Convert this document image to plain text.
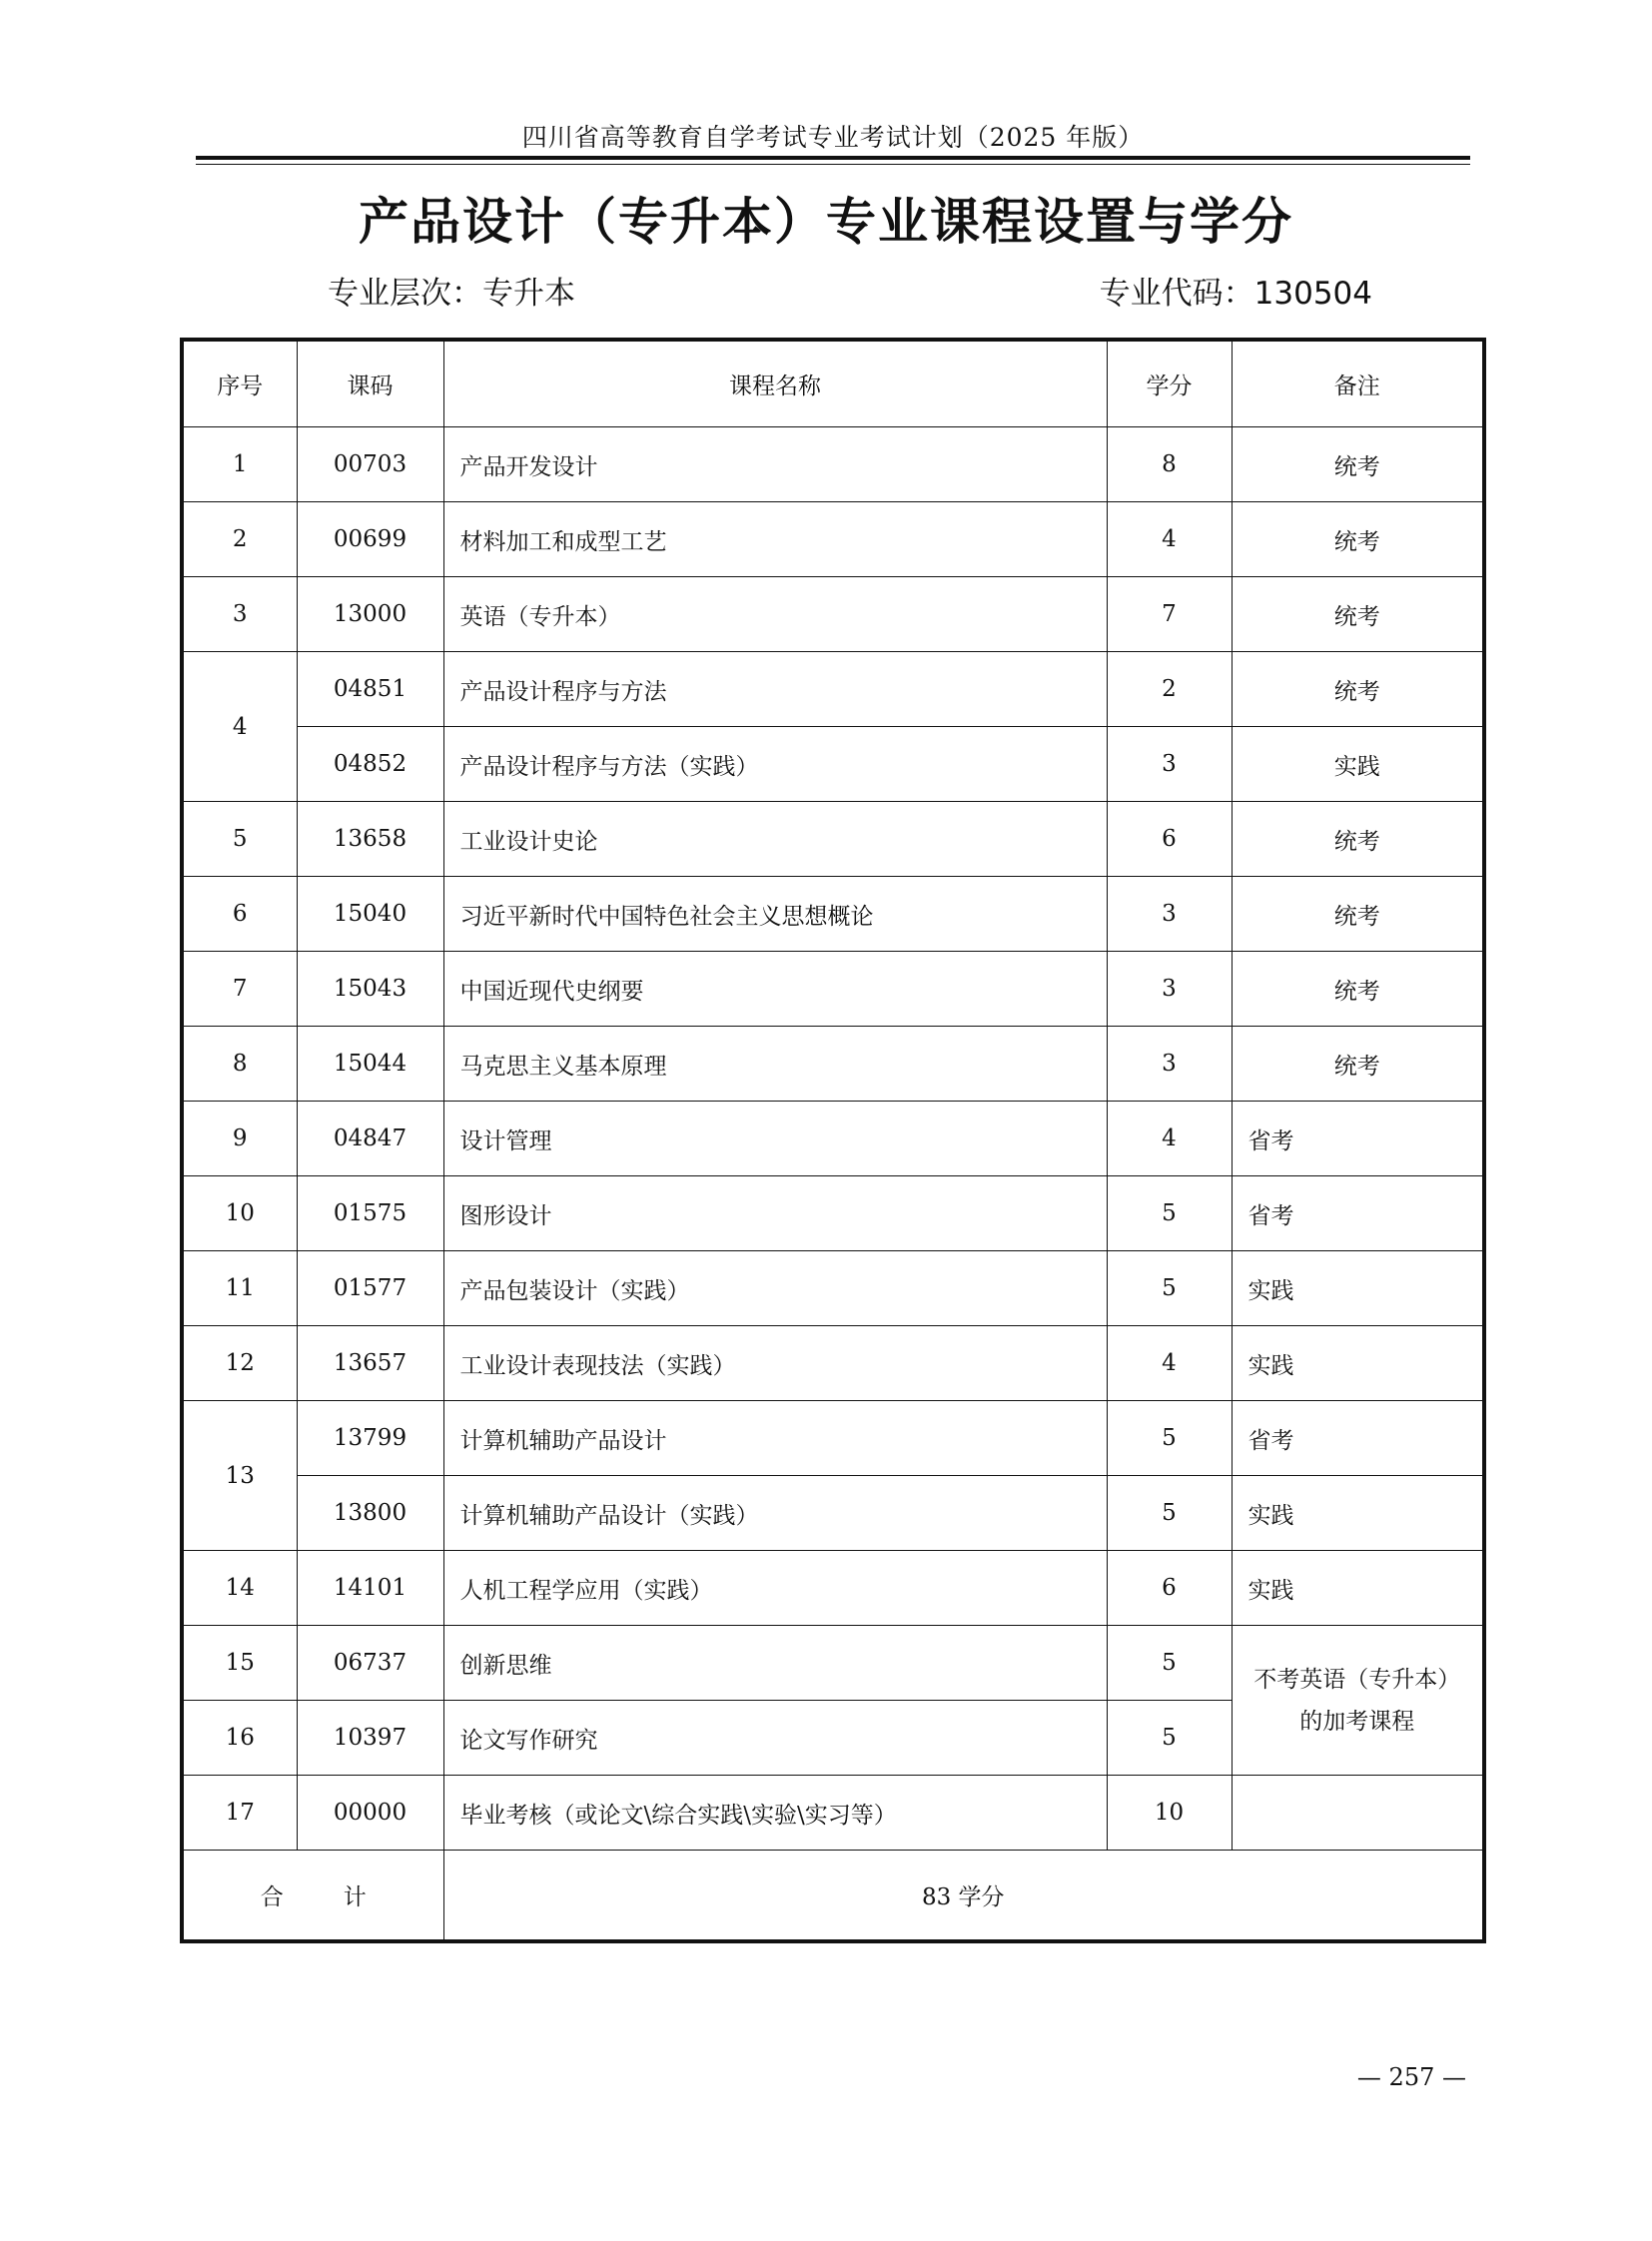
四川省高等教育自学考试专业考试计划（2025 年版）
产品设计（专升本）专业课程设置与学分
专业层次：专升本	专业代码：130504
序号	课码	课程名称	学分	备注
1	00703	产品开发设计	8	统考
2	00699	材料加工和成型工艺	4	统考
3	13000	英语（专升本）	7	统考
4	04851	产品设计程序与方法	2	统考
	04852	产品设计程序与方法（实践）	3	实践
5	13658	工业设计史论	6	统考
6	15040	习近平新时代中国特色社会主义思想概论	3	统考
7	15043	中国近现代史纲要	3	统考
8	15044	马克思主义基本原理	3	统考
9	04847	设计管理	4	省考
10	01575	图形设计	5	省考
11	01577	产品包装设计（实践）	5	实践
12	13657	工业设计表现技法（实践）	4	实践
13	13799	计算机辅助产品设计	5	省考
	13800	计算机辅助产品设计（实践）	5	实践
14	14101	人机工程学应用（实践）	6	实践
15	06737	创新思维	5	不考英语（专升本）
的加考课程

16	10397	论文写作研究	5	
17	00000	毕业考核（或论文\综合实践\实验\实习等）	10	
合计		83 学分		
— 257 —
